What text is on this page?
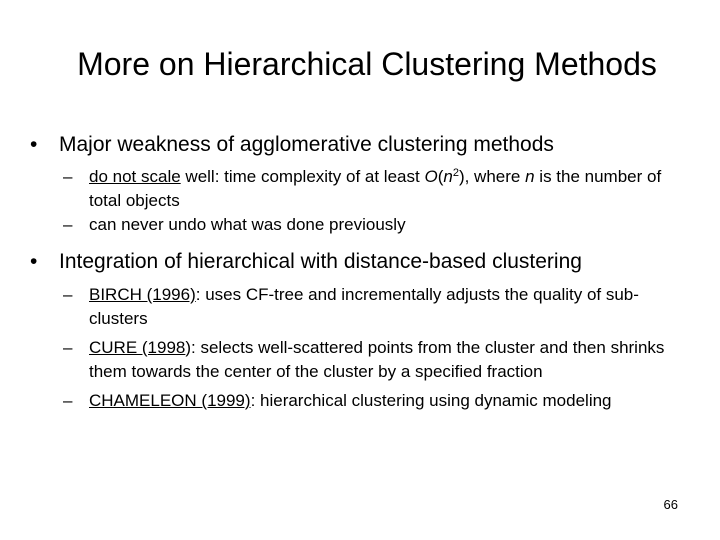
More on Hierarchical Clustering Methods
• Major weakness of agglomerative clustering methods
– do not scale well: time complexity of at least $O(n^2)$, where n is the number of total objects
– can never undo what was done previously
• Integration of hierarchical with distance-based clustering
– BIRCH (1996): uses CF-tree and incrementally adjusts the quality of sub-clusters
– CURE (1998): selects well-scattered points from the cluster and then shrinks them towards the center of the cluster by a specified fraction
– CHAMELEON (1999): hierarchical clustering using dynamic modeling
66
